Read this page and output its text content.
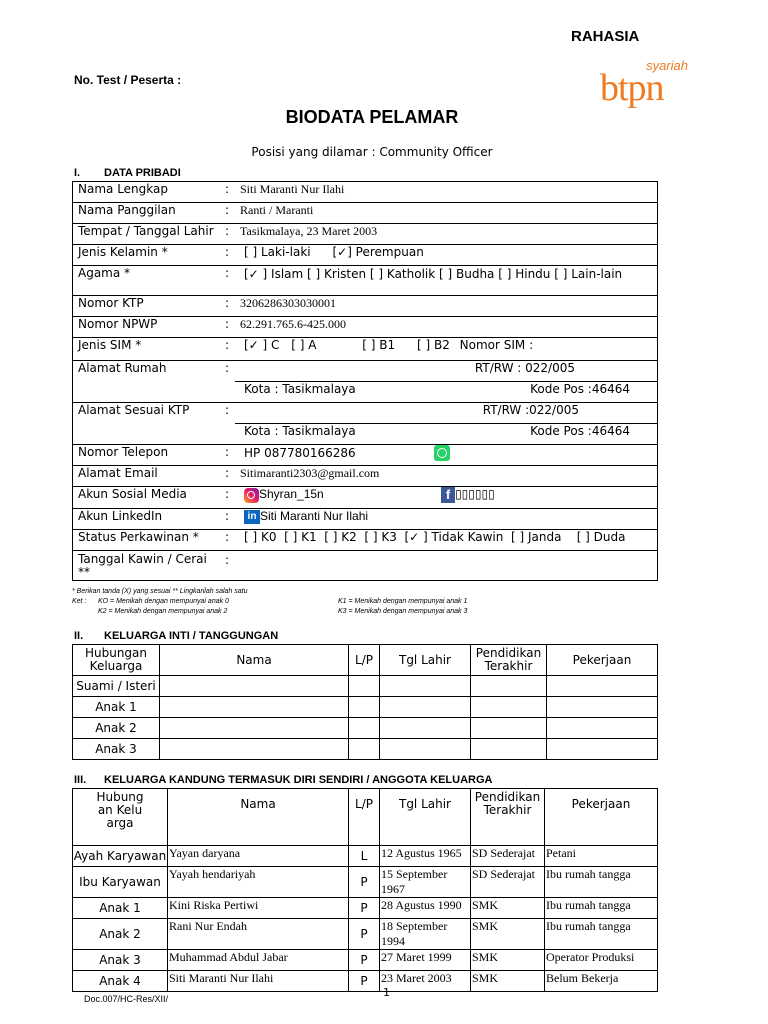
RAHASIA
syariah
btpn
No. Test / Peserta :
BIODATA PELAMAR
Posisi yang dilamar : Community Officer
I. DATA PRIBADI
Nama Lengkap	:	Siti Maranti Nur Ilahi
Nama Panggilan	:	Ranti / Maranti
Tempat / Tanggal Lahir	:	Tasikmalaya, 23 Maret 2003
Jenis Kelamin *	:	[ ] Laki-laki [✓] Perempuan
Agama *	:	[✓ ] Islam [ ] Kristen [ ] Katholik [ ] Budha [ ] Hindu [ ] Lain-lain
Nomor KTP	:	3206286303030001
Nomor NPWP	:	62.291.765.6-425.000
Jenis SIM *	:	[✓ ] C [ ] A [ ] B1 [ ] B2 Nomor SIM :
Alamat Rumah	:	RT/RW : 022/005

		Kota : Tasikmalaya Kode Pos :46464

Alamat Sesuai KTP	:	RT/RW :022/005

		Kota : Tasikmalaya Kode Pos :46464

Nomor Telepon	:	HP 087780166286
Alamat Email	:	Sitimaranti2303@gmail.com
Akun Sosial Media	:	Shyran_15n f ▯▯▯▯▯▯
Akun LinkedIn	:	in Siti Maranti Nur Ilahi
Status Perkawinan *	:	[ ] K0  [ ] K1  [ ] K2  [ ] K3  [✓ ] Tidak Kawin  [ ] Janda    [ ] Duda
Tanggal Kawin / Cerai **	:	
* Berikan tanda (X) yang sesuai ** Lingkarilah salah satu
Ket : KO = Menikah dengan mempunyai anak 0	K1 = Menikah dengan mempunyai anak 1
K2 = Menikah dengan mempunyai anak 2	K3 = Menikah dengan mempunyai anak 3
II. KELUARGA INTI / TANGGUNGAN
Hubungan Keluarga	Nama	L/P	Tgl Lahir	Pendidikan Terakhir	Pekerjaan
Suami / Isteri					
Anak 1					
Anak 2					
Anak 3					
III. KELUARGA KANDUNG TERMASUK DIRI SENDIRI / ANGGOTA KELUARGA
Hubungan Keluarga	Nama	L/P	Tgl Lahir	Pendidikan Terakhir	Pekerjaan
Ayah Karyawan	Yayan daryana	L	12 Agustus 1965	SD Sederajat	Petani
Ibu Karyawan	Yayah hendariyah	P	15 September 1967	SD Sederajat	Ibu rumah tangga
Anak 1	Kini Riska Pertiwi	P	28 Agustus 1990	SMK	Ibu rumah tangga
Anak 2	Rani Nur Endah	P	18 September 1994	SMK	Ibu rumah tangga
Anak 3	Muhammad Abdul Jabar	P	27 Maret 1999	SMK	Operator Produksi
Anak 4	Siti Maranti Nur Ilahi	P	23 Maret 2003	SMK	Belum Bekerja
1
Doc.007/HC-Res/XII/
